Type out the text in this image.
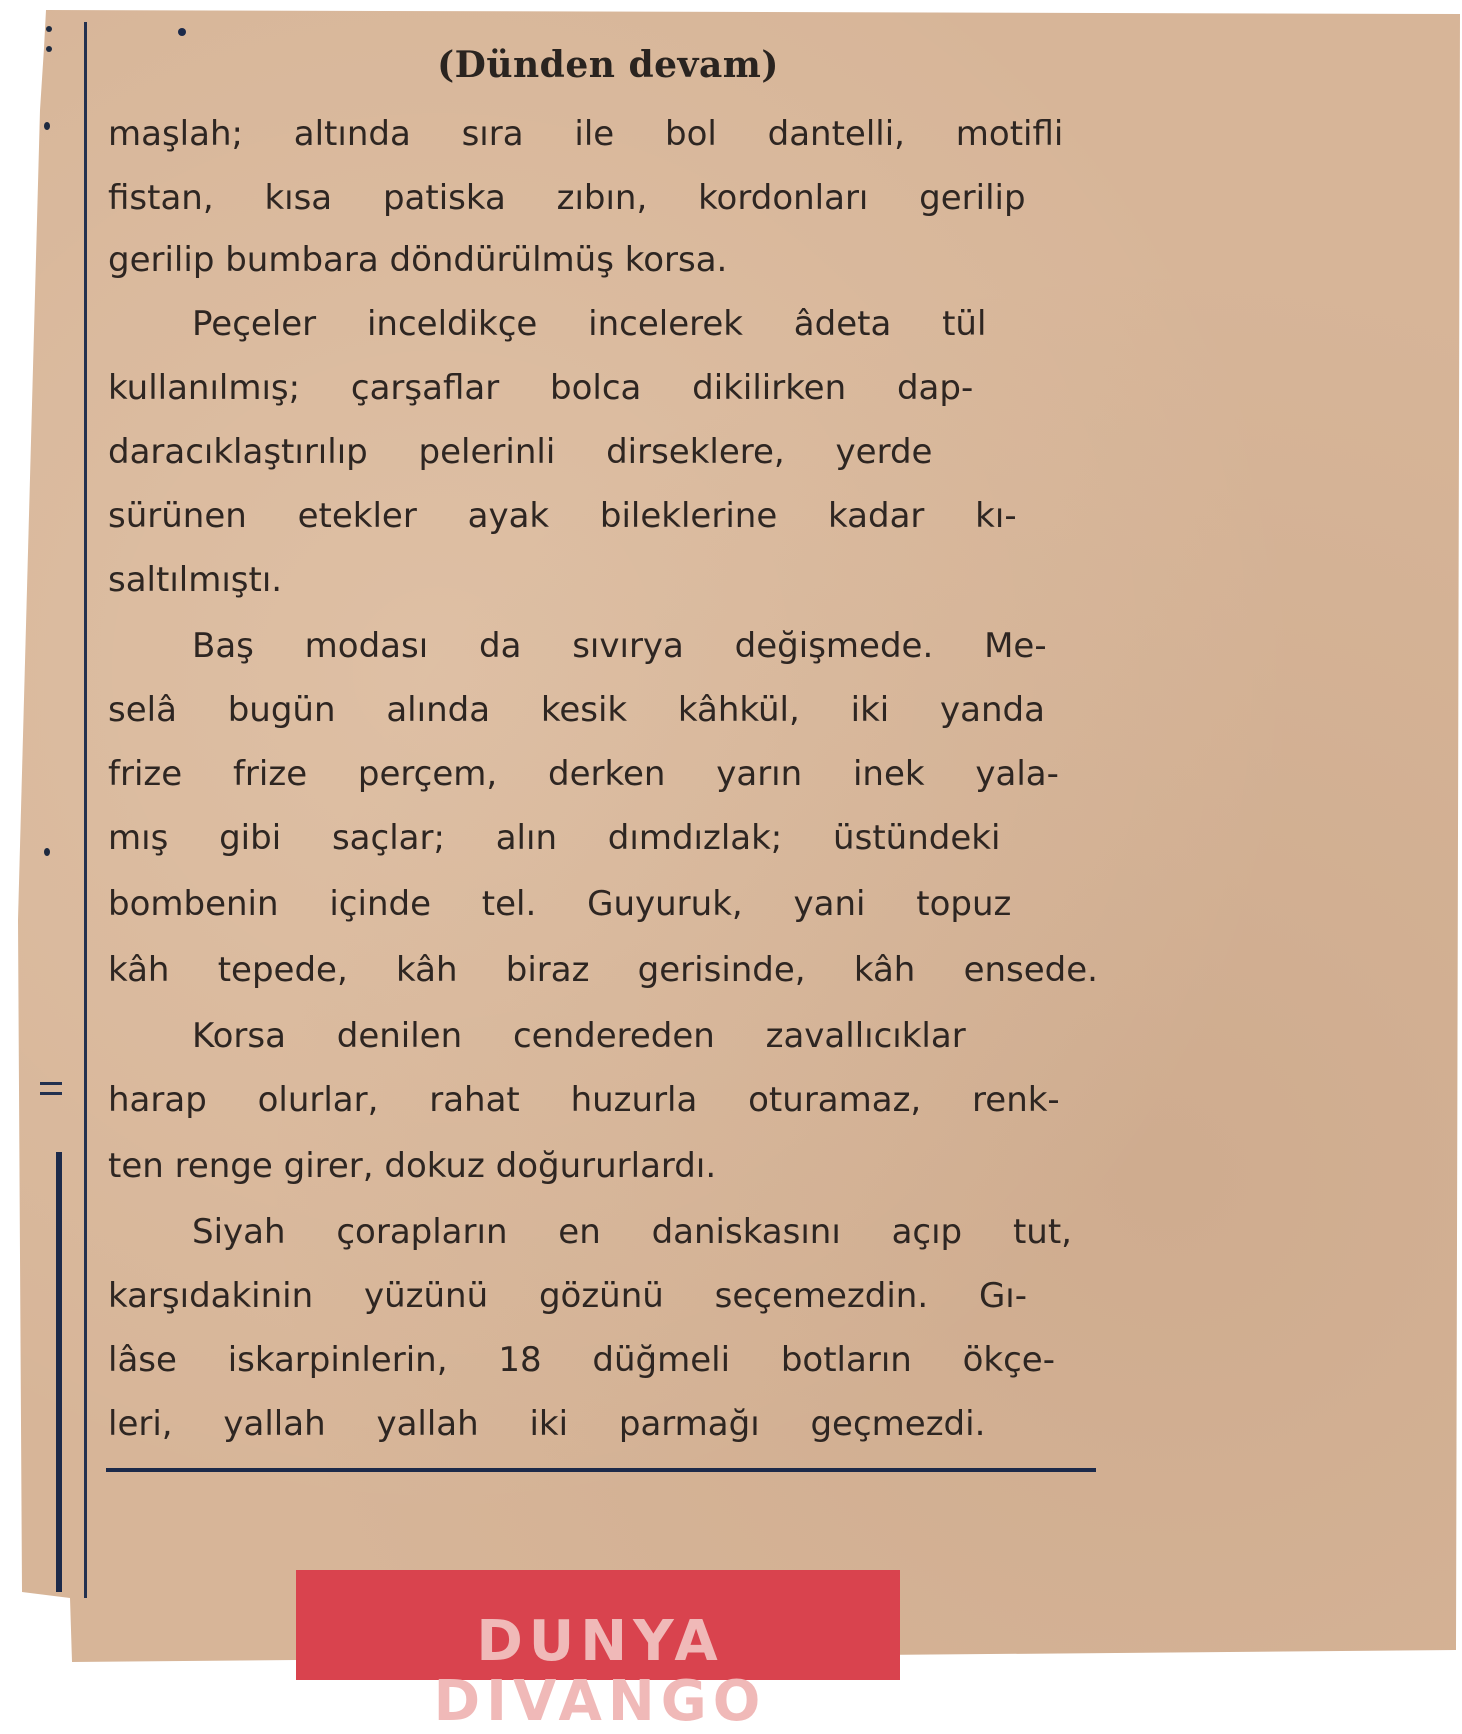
(Dünden devam)
maşlah; altında sıra ile bol dantelli, motifli
fistan, kısa patiska zıbın, kordonları gerilip
gerilip bumbara döndürülmüş korsa.
Peçeler inceldikçe incelerek âdeta tül
kullanılmış; çarşaflar bolca dikilirken dap-
daracıklaştırılıp pelerinli dirseklere, yerde
sürünen etekler ayak bileklerine kadar kı-
saltılmıştı.
Baş modası da sıvırya değişmede. Me-
selâ bugün alında kesik kâhkül, iki yanda
frize frize perçem, derken yarın inek yala-
mış gibi saçlar; alın dımdızlak; üstündeki
bombenin içinde tel. Guyuruk, yani topuz
kâh tepede, kâh biraz gerisinde, kâh ensede.
Korsa denilen cendereden zavallıcıklar
harap olurlar, rahat huzurla oturamaz, renk-
ten renge girer, dokuz doğururlardı.
Siyah çorapların en daniskasını açıp tut,
karşıdakinin yüzünü gözünü seçemezdin. Gı-
lâse iskarpinlerin, 18 düğmeli botların ökçe-
leri, yallah yallah iki parmağı geçmezdi.
DUNYA DIVANGO
